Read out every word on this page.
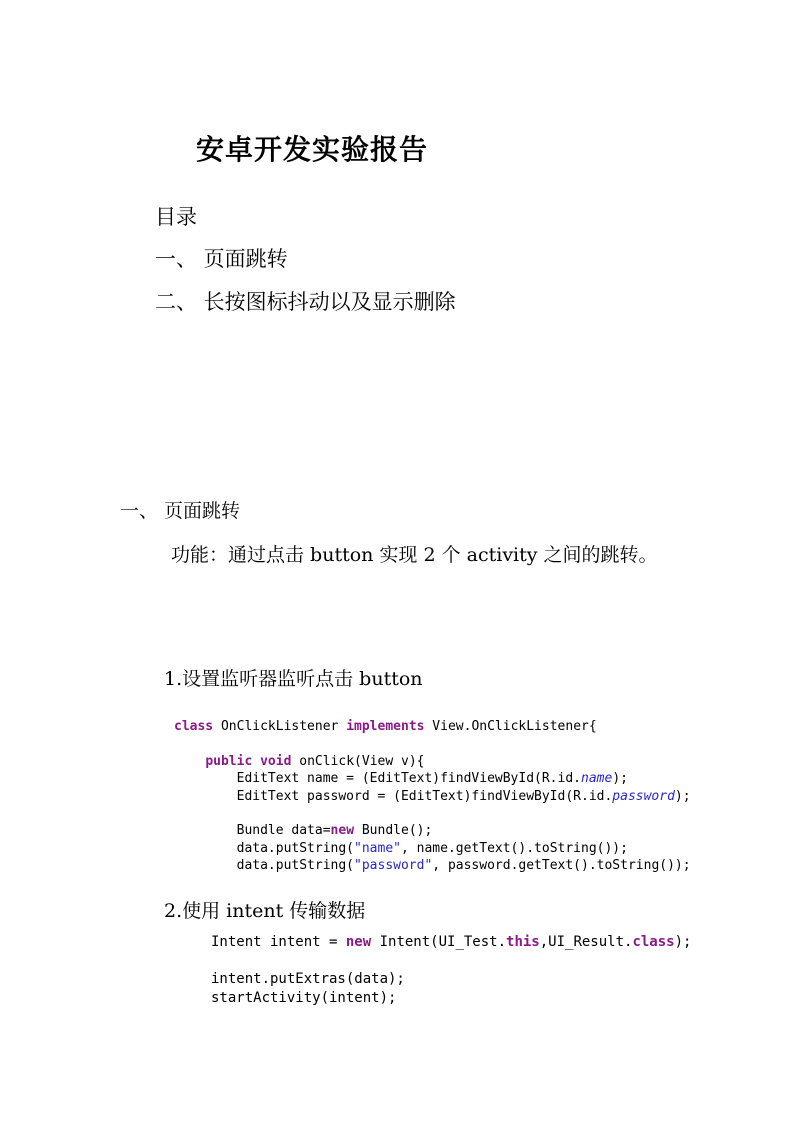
安卓开发实验报告
目录
一、 页面跳转
二、 长按图标抖动以及显示删除
一、 页面跳转
功能：通过点击 button 实现 2 个 activity 之间的跳转。
1.设置监听器监听点击 button
class OnClickListener implements View.OnClickListener{

public void onClick(View v){
EditText name = (EditText)findViewById(R.id.name);
EditText password = (EditText)findViewById(R.id.password);

Bundle data=new Bundle();
data.putString("name", name.getText().toString());
data.putString("password", password.getText().toString());
2.使用 intent 传输数据
Intent intent = new Intent(UI_Test.this,UI_Result.class);

intent.putExtras(data);
startActivity(intent);
